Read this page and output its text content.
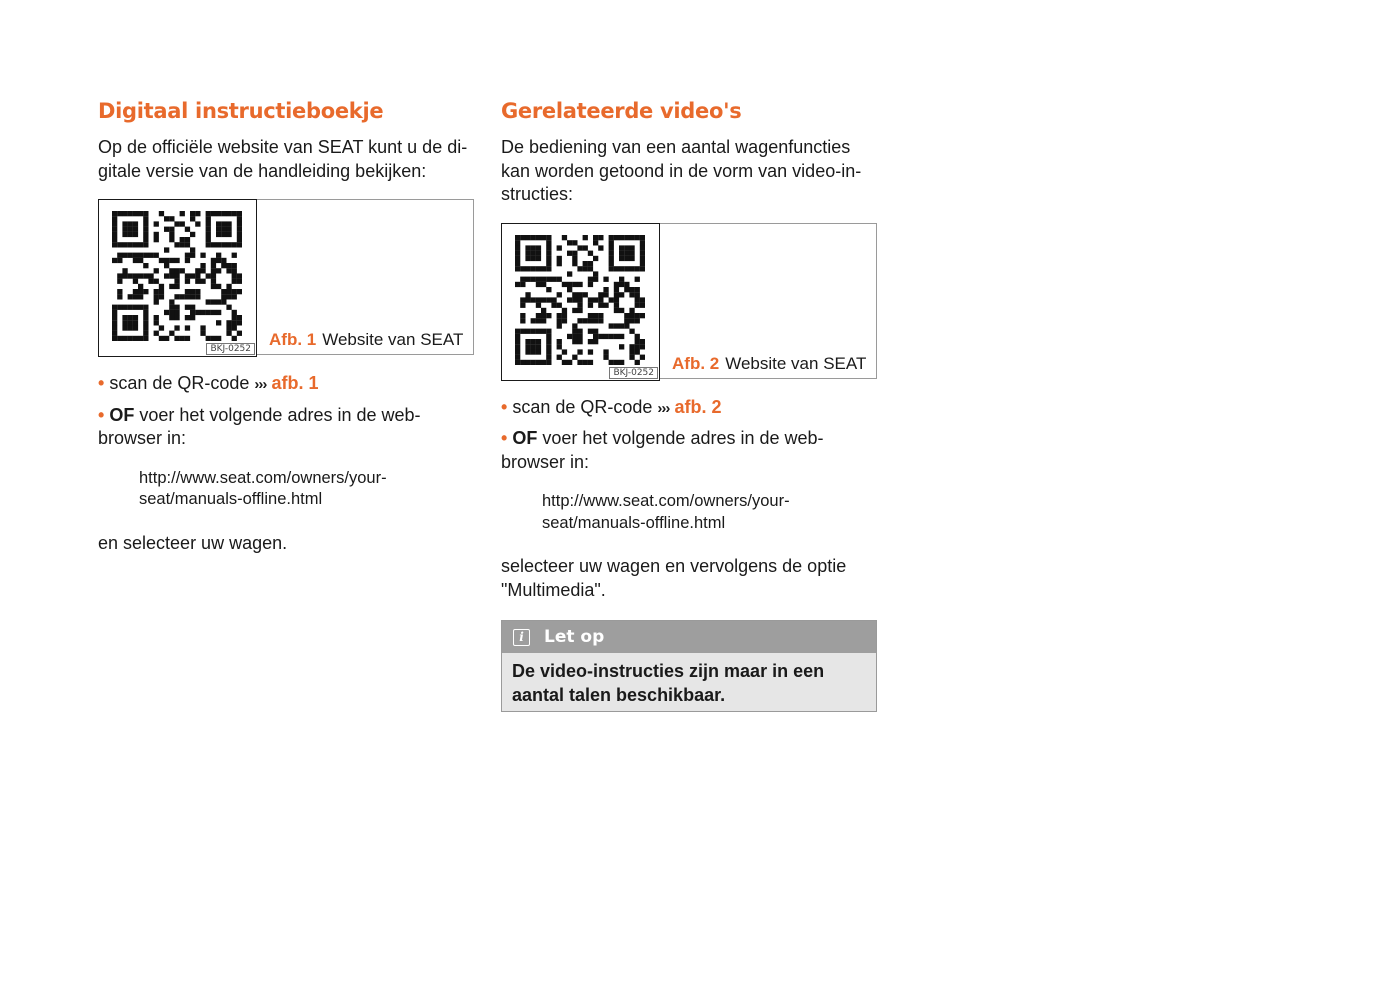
Digitaal instructieboekje

Op de officiële website van SEAT kunt u de di-gitale versie van de handleiding bekijken:

BKJ-0252 Afb. 1 Website van SEAT
• scan de QR-code ››› afb. 1
• OF voer het volgende adres in de web-browser in:
http://www.seat.com/owners/your-seat/manuals-offline.html
en selecteer uw wagen.
Gerelateerde video's

De bediening van een aantal wagenfuncties kan worden getoond in de vorm van video-in-structies:

BKJ-0252 Afb. 2 Website van SEAT
• scan de QR-code ››› afb. 2
• OF voer het volgende adres in de web-browser in:
http://www.seat.com/owners/your-seat/manuals-offline.html
selecteer uw wagen en vervolgens de optie "Multimedia".
i	Let op
De video-instructies zijn maar in een aantal talen beschikbaar.
